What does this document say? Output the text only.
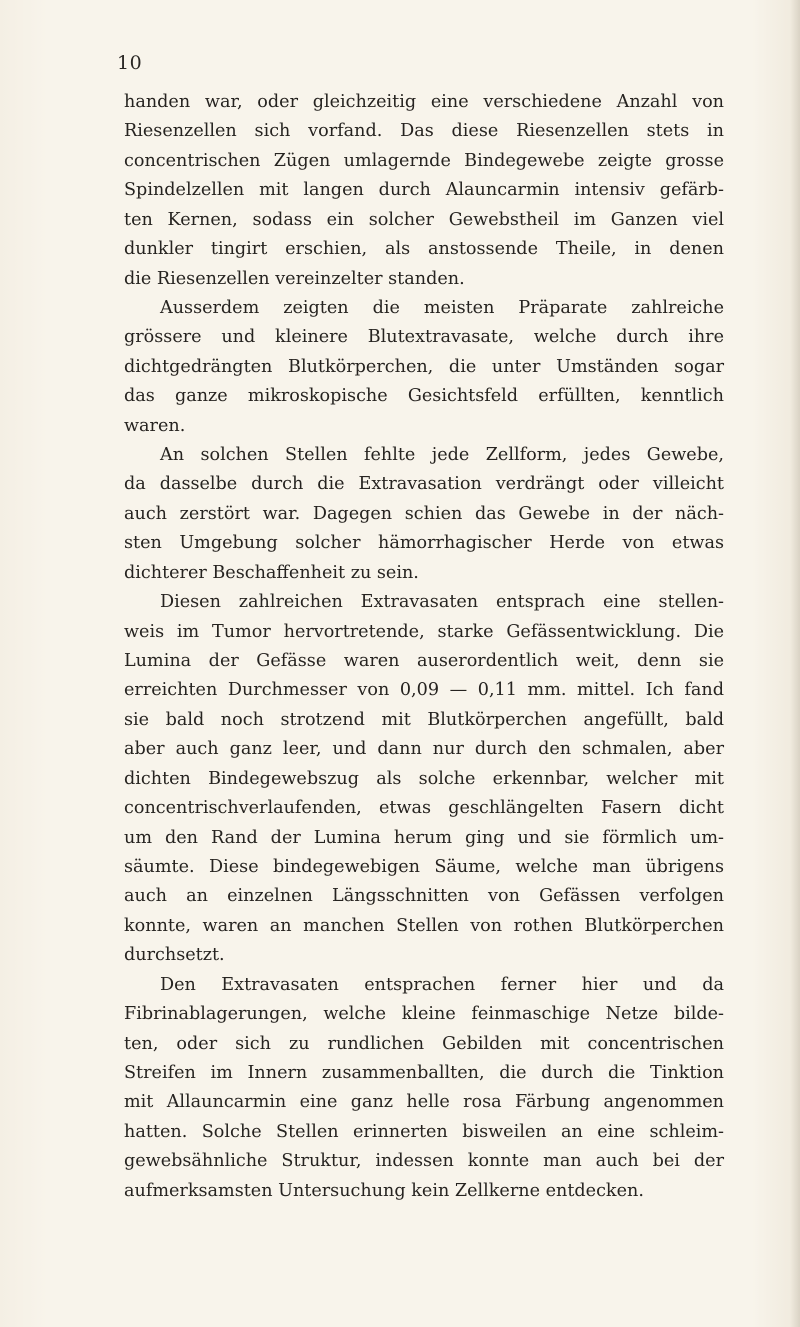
10
handen war, oder gleichzeitig eine verschiedene Anzahl von
Riesenzellen sich vorfand. Das diese Riesenzellen stets in
concentrischen Zügen umlagernde Bindegewebe zeigte grosse
Spindelzellen mit langen durch Alauncarmin intensiv gefärb-
ten Kernen, sodass ein solcher Gewebstheil im Ganzen viel
dunkler tingirt erschien, als anstossende Theile, in denen
die Riesenzellen vereinzelter standen.
Ausserdem zeigten die meisten Präparate zahlreiche
grössere und kleinere Blutextravasate, welche durch ihre
dichtgedrängten Blutkörperchen, die unter Umständen sogar
das ganze mikroskopische Gesichtsfeld erfüllten, kenntlich
waren.
An solchen Stellen fehlte jede Zellform, jedes Gewebe,
da dasselbe durch die Extravasation verdrängt oder villeicht
auch zerstört war. Dagegen schien das Gewebe in der näch-
sten Umgebung solcher hämorrhagischer Herde von etwas
dichterer Beschaffenheit zu sein.
Diesen zahlreichen Extravasaten entsprach eine stellen-
weis im Tumor hervortretende, starke Gefässentwicklung. Die
Lumina der Gefässe waren auserordentlich weit, denn sie
erreichten Durchmesser von 0,09 — 0,11 mm. mittel. Ich fand
sie bald noch strotzend mit Blutkörperchen angefüllt, bald
aber auch ganz leer, und dann nur durch den schmalen, aber
dichten Bindegewebszug als solche erkennbar, welcher mit
concentrischverlaufenden, etwas geschlängelten Fasern dicht
um den Rand der Lumina herum ging und sie förmlich um-
säumte. Diese bindegewebigen Säume, welche man übrigens
auch an einzelnen Längsschnitten von Gefässen verfolgen
konnte, waren an manchen Stellen von rothen Blutkörperchen
durchsetzt.
Den Extravasaten entsprachen ferner hier und da
Fibrinablagerungen, welche kleine feinmaschige Netze bilde-
ten, oder sich zu rundlichen Gebilden mit concentrischen
Streifen im Innern zusammenballten, die durch die Tinktion
mit Allauncarmin eine ganz helle rosa Färbung angenommen
hatten. Solche Stellen erinnerten bisweilen an eine schleim-
gewebsähnliche Struktur, indessen konnte man auch bei der
aufmerksamsten Untersuchung kein Zellkerne entdecken.
